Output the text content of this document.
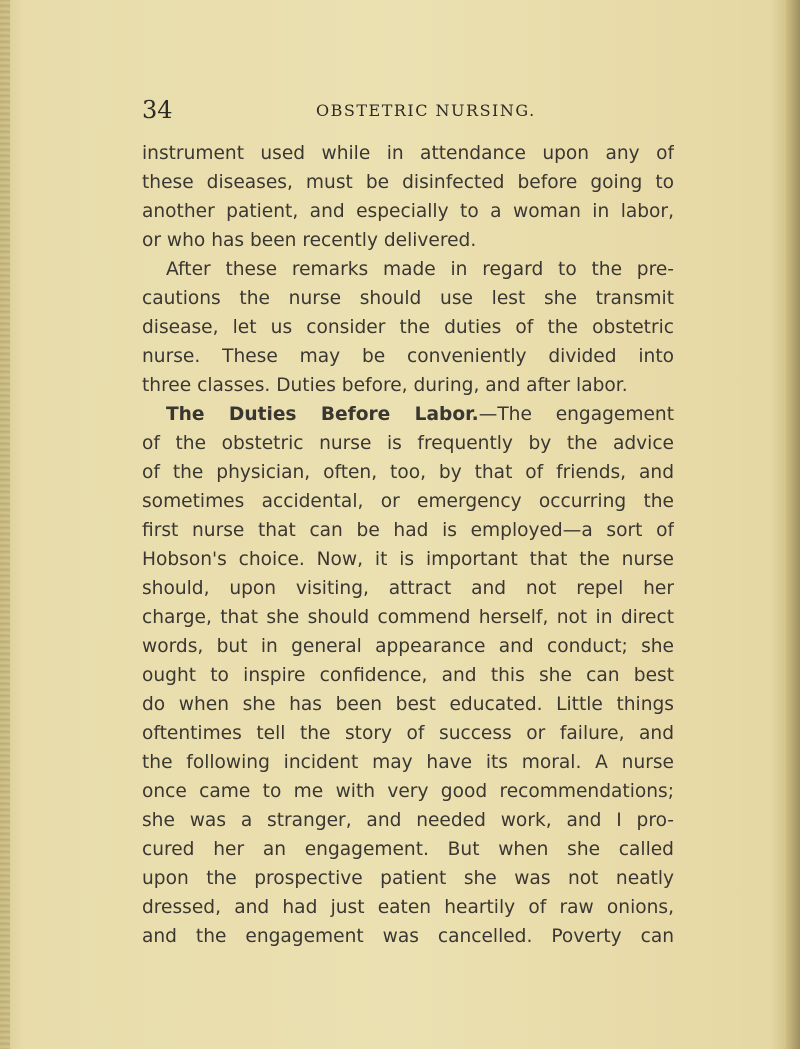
34	OBSTETRIC NURSING.
instrument used while in attendance upon any of
these diseases, must be disinfected before going to
another patient, and especially to a woman in labor,
or who has been recently delivered.
After these remarks made in regard to the pre-
cautions the nurse should use lest she transmit
disease, let us consider the duties of the obstetric
nurse. These may be conveniently divided into
three classes. Duties before, during, and after labor.
The Duties Before Labor.—The engagement
of the obstetric nurse is frequently by the advice
of the physician, often, too, by that of friends, and
sometimes accidental, or emergency occurring the
first nurse that can be had is employed—a sort of
Hobson's choice. Now, it is important that the nurse
should, upon visiting, attract and not repel her
charge, that she should commend herself, not in direct
words, but in general appearance and conduct; she
ought to inspire confidence, and this she can best
do when she has been best educated. Little things
oftentimes tell the story of success or failure, and
the following incident may have its moral. A nurse
once came to me with very good recommendations;
she was a stranger, and needed work, and I pro-
cured her an engagement. But when she called
upon the prospective patient she was not neatly
dressed, and had just eaten heartily of raw onions,
and the engagement was cancelled. Poverty can
